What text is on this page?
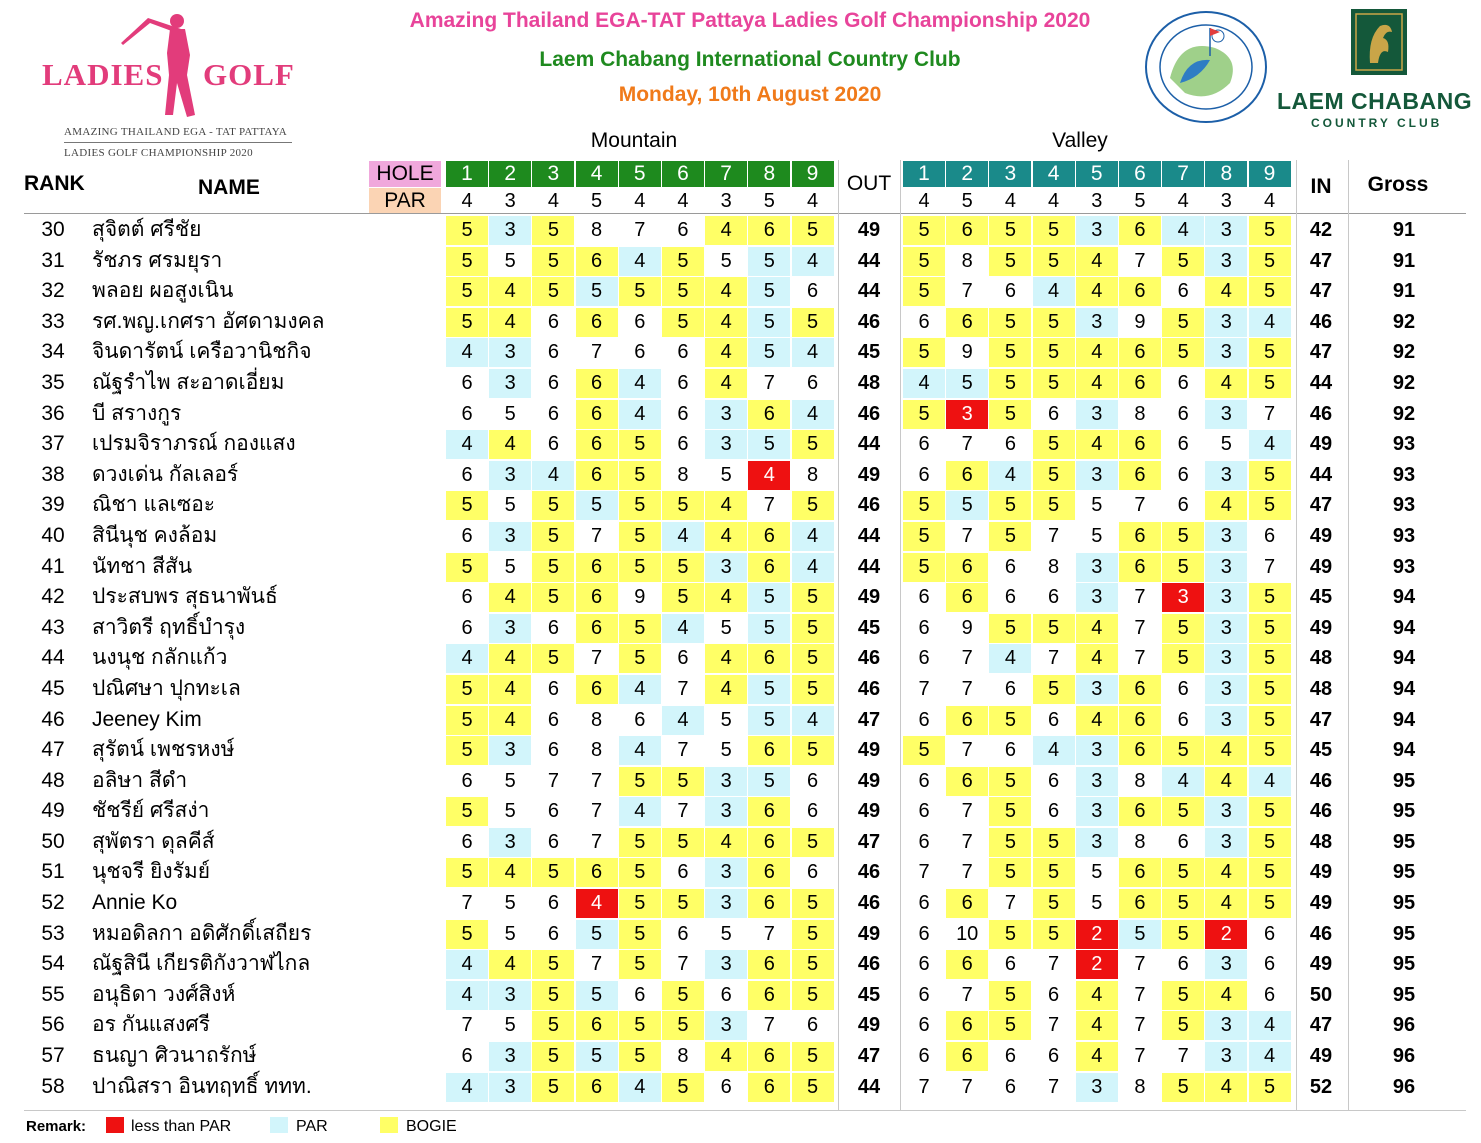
Amazing Thailand EGA-TAT Pattaya Ladies Golf Championship 2020
Laem Chabang International Country Club
Monday, 10th August 2020
LADIES GOLF
AMAZING THAILAND EGA - TAT PATTAYA
LADIES GOLF CHAMPIONSHIP 2020
LAEM CHABANG
COUNTRY CLUB
Mountain	Valley
RANK	NAME
HOLE
PAR
1	2	3	4	5	6	7	8	9	1	2	3	4	5	6	7	8	9
4	3	4	5	4	4	3	5	4	4	5	4	4	3	5	4	3	4
OUT	IN	Gross
30	สุจิตต์ ศรีชัย	5	3	5	8	7	6	4	6	5	49	5	6	5	5	3	6	4	3	5	42	91
31	รัชภร ศรมยุรา	5	5	5	6	4	5	5	5	4	44	5	8	5	5	4	7	5	3	5	47	91
32	พลอย ผอสูงเนิน	5	4	5	5	5	5	4	5	6	44	5	7	6	4	4	6	6	4	5	47	91
33	รศ.พญ.เกศรา อัศดามงคล	5	4	6	6	6	5	4	5	5	46	6	6	5	5	3	9	5	3	4	46	92
34	จินดารัตน์ เครือวานิชกิจ	4	3	6	7	6	6	4	5	4	45	5	9	5	5	4	6	5	3	5	47	92
35	ณัฐรำไพ สะอาดเอี่ยม	6	3	6	6	4	6	4	7	6	48	4	5	5	5	4	6	6	4	5	44	92
36	บี สรางกูร	6	5	6	6	4	6	3	6	4	46	5	3	5	6	3	8	6	3	7	46	92
37	เปรมจิราภรณ์ กองแสง	4	4	6	6	5	6	3	5	5	44	6	7	6	5	4	6	6	5	4	49	93
38	ดวงเด่น กัลเลอร์	6	3	4	6	5	8	5	4	8	49	6	6	4	5	3	6	6	3	5	44	93
39	ณิชา แลเซอะ	5	5	5	5	5	5	4	7	5	46	5	5	5	5	5	7	6	4	5	47	93
40	สินีนุช คงล้อม	6	3	5	7	5	4	4	6	4	44	5	7	5	7	5	6	5	3	6	49	93
41	นัทชา สีสัน	5	5	5	6	5	5	3	6	4	44	5	6	6	8	3	6	5	3	7	49	93
42	ประสบพร สุธนาพันธ์	6	4	5	6	9	5	4	5	5	49	6	6	6	6	3	7	3	3	5	45	94
43	สาวิตรี ฤทธิ์บำรุง	6	3	6	6	5	4	5	5	5	45	6	9	5	5	4	7	5	3	5	49	94
44	นงนุช กลักแก้ว	4	4	5	7	5	6	4	6	5	46	6	7	4	7	4	7	5	3	5	48	94
45	ปณิศษา ปุกทะเล	5	4	6	6	4	7	4	5	5	46	7	7	6	5	3	6	6	3	5	48	94
46	Jeeney Kim	5	4	6	8	6	4	5	5	4	47	6	6	5	6	4	6	6	3	5	47	94
47	สุรัตน์ เพชรหงษ์	5	3	6	8	4	7	5	6	5	49	5	7	6	4	3	6	5	4	5	45	94
48	อลิษา สีดำ	6	5	7	7	5	5	3	5	6	49	6	6	5	6	3	8	4	4	4	46	95
49	ชัชรีย์ ศรีสง่า	5	5	6	7	4	7	3	6	6	49	6	7	5	6	3	6	5	3	5	46	95
50	สุพัตรา ดุลคีส์	6	3	6	7	5	5	4	6	5	47	6	7	5	5	3	8	6	3	5	48	95
51	นุชจรี ยิงรัมย์	5	4	5	6	5	6	3	6	6	46	7	7	5	5	5	6	5	4	5	49	95
52	Annie Ko	7	5	6	4	5	5	3	6	5	46	6	6	7	5	5	6	5	4	5	49	95
53	หมอดิลกา อดิศักดิ์เสถียร	5	5	6	5	5	6	5	7	5	49	6	10	5	5	2	5	5	2	6	46	95
54	ณัฐสินี เกียรติกังวาฬไกล	4	4	5	7	5	7	3	6	5	46	6	6	6	7	2	7	6	3	6	49	95
55	อนุธิดา วงศ์สิงห์	4	3	5	5	6	5	6	6	5	45	6	7	5	6	4	7	5	4	6	50	95
56	อร กันแสงศรี	7	5	5	6	5	5	3	7	6	49	6	6	5	7	4	7	5	3	4	47	96
57	ธนญา ศิวนาถรักษ์	6	3	5	5	5	8	4	6	5	47	6	6	6	6	4	7	7	3	4	49	96
58	ปาณิสรา อินทฤทธิ์ ททท.	4	3	5	6	4	5	6	6	5	44	7	7	6	7	3	8	5	4	5	52	96
Remark:	less than PAR	PAR	BOGIE
